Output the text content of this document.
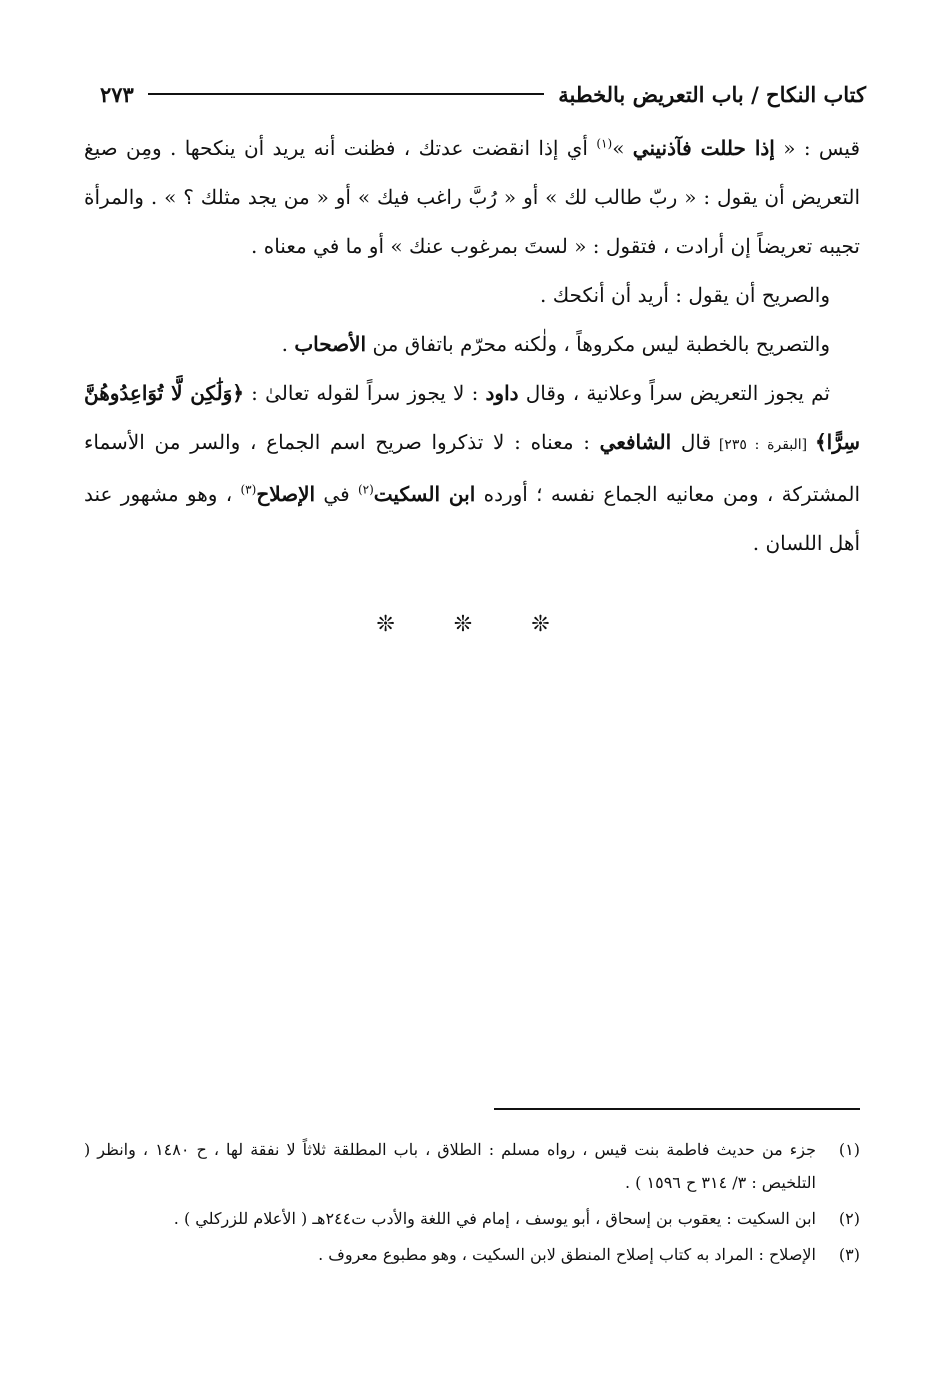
كتاب النكاح / باب التعريض بالخطبة
٢٧٣

قيس : « إذا حللت فآذنيني »$^{(١)}$ أي إذا انقضت عدتك ، فظنت أنه يريد أن ينكحها . ومِن صيغ التعريض أن يقول : « ربّ طالب لك » أو « رُبَّ راغب فيك » أو « من يجد مثلك ؟ » . والمرأة تجيبه تعريضاً إن أرادت ، فتقول : « لستَ بمرغوب عنك » أو ما في معناه .

والصريح أن يقول : أريد أن أنكحك .

والتصريح بالخطبة ليس مكروهاً ، ولٰكنه محرّم باتفاق من الأصحاب .

ثم يجوز التعريض سراً وعلانية ، وقال داود : لا يجوز سراً لقوله تعالىٰ : ﴿وَلَٰكِن لَّا تُوَاعِدُوهُنَّ سِرًّا﴾ [البقرة : ٢٣٥] قال الشافعي : معناه : لا تذكروا صريح اسم الجماع ، والسر من الأسماء المشتركة ، ومن معانيه الجماع نفسه ؛ أورده ابن السكيت$^{(٢)}$ في الإصلاح$^{(٣)}$ ، وهو مشهور عند أهل اللسان .

❊ ❊ ❊
(١)
جزء من حديث فاطمة بنت قيس ، رواه مسلم : الطلاق ، باب المطلقة ثلاثاً لا نفقة لها ، ح ١٤٨٠ ، وانظر ( التلخيص : ٣/ ٣١٤ ح ١٥٩٦ ) .
(٢)
ابن السكيت : يعقوب بن إسحاق ، أبو يوسف ، إمام في اللغة والأدب ت٢٤٤هـ ( الأعلام للزركلي ) .
(٣)
الإصلاح : المراد به كتاب إصلاح المنطق لابن السكيت ، وهو مطبوع معروف .
